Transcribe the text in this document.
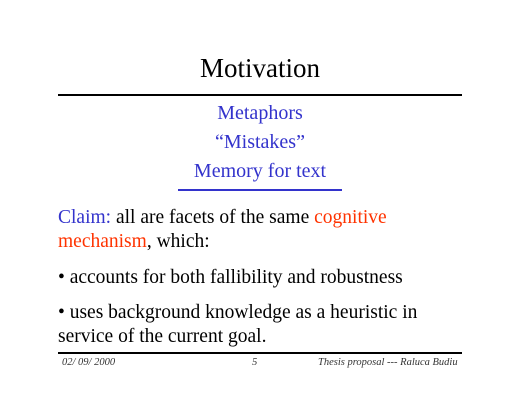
Motivation
Metaphors
“Mistakes”
Memory for text

Claim: all are facets of the same cognitive mechanism, which:

• accounts for both fallibility and robustness

• uses background knowledge as a heuristic in service of the current goal.

02/ 09/ 2000	5	Thesis proposal --- Raluca Budiu
